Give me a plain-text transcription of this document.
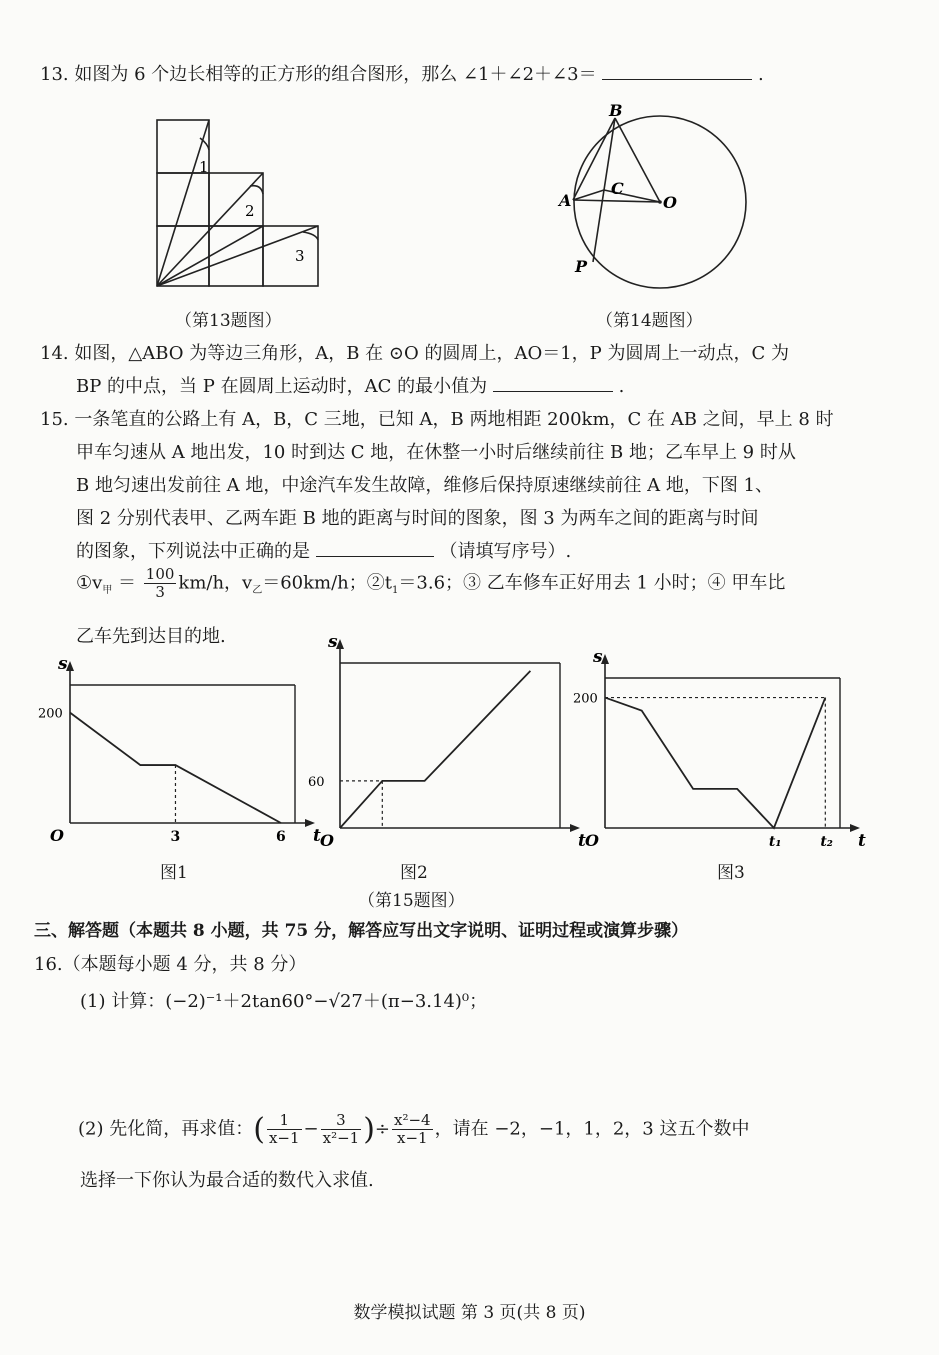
13. 如图为 6 个边长相等的正方形的组合图形，那么 ∠1＋∠2＋∠3＝	.
1
2
3
（第13题图）
B
A
C
O
P
（第14题图）
14. 如图，△ABO 为等边三角形，A，B 在 ⊙O 的圆周上，AO＝1，P 为圆周上一动点，C 为
BP 的中点，当 P 在圆周上运动时，AC 的最小值为	.
15. 一条笔直的公路上有 A，B，C 三地，已知 A，B 两地相距 200km，C 在 AB 之间，早上 8 时
甲车匀速从 A 地出发，10 时到达 C 地，在休整一小时后继续前往 B 地；乙车早上 9 时从
B 地匀速出发前往 A 地，中途汽车发生故障，维修后保持原速继续前往 A 地，下图 1、
图 2 分别代表甲、乙两车距 B 地的距离与时间的图象，图 3 为两车之间的距离与时间
的图象，下列说法中正确的是	（请填写序号）.
$①v_甲 = \frac{100}{3} km/h$，$v_乙=60km/h$；$②t_1=3.6$；③ 乙车修车正好用去 1 小时；④ 甲车比
乙车先到达目的地.
s
t
O	3	6
200
s
t
O
60
s
t
O	t₁	t₂
200
图1	图2	图3
（第15题图）
三、解答题（本题共 8 小题，共 75 分，解答应写出文字说明、证明过程或演算步骤）
16.（本题每小题 4 分，共 8 分）
(1) 计算：(−2)⁻¹＋2tan60°−√27＋(π−3.14)⁰；
(2) 先化简，再求值：( $\frac{1}{x-1} - \frac{3}{\text{x²−1}}$ )÷ $\frac{\text{x²−4}}{x-1}$ ，请在 −2，−1，1，2，3 这五个数中
选择一下你认为最合适的数代入求值.
数学模拟试题 第 3 页(共 8 页)
